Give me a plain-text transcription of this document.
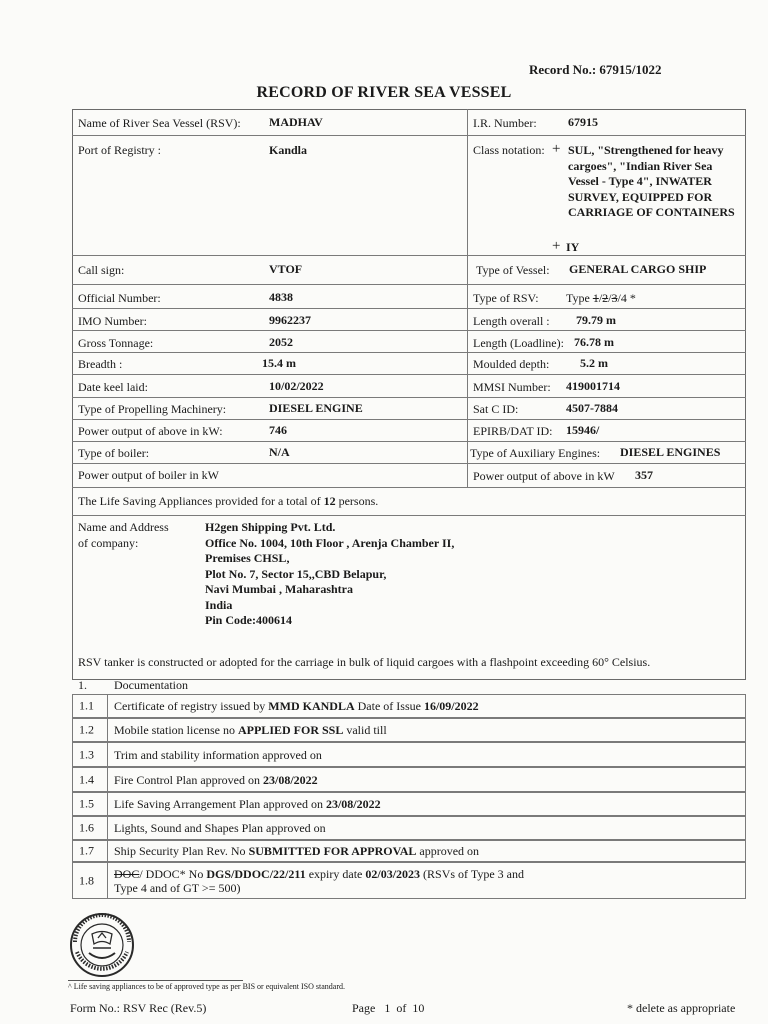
Record No.: 67915/1022
RECORD OF RIVER SEA VESSEL
Name of River Sea Vessel (RSV): MADHAV	I.R. Number:	67915
Port of Registry :	Kandla	Class notation: + SUL, "Strengthened for heavy cargoes", "Indian River Sea Vessel - Type 4", INWATER SURVEY, EQUIPPED FOR CARRIAGE OF CONTAINERS
+ IY
Call sign:	VTOF	Type of Vessel: GENERAL CARGO SHIP
Official Number:	4838	Type of RSV: Type 1/2/3/4 *
IMO Number:	9962237	Length overall : 79.79 m
Gross Tonnage:	2052	Length (Loadline): 76.78 m
Breadth :	15.4 m	Moulded depth:	5.2 m
Date keel laid:	10/02/2022	MMSI Number: 419001714
Type of Propelling Machinery:	DIESEL ENGINE	Sat C ID:	4507-7884
Power output of above in kW:	746	EPIRB/DAT ID: 15946/
Type of boiler:	N/A	Type of Auxiliary Engines: DIESEL ENGINES
Power output of boiler in kW	Power output of above in kW 357
The Life Saving Appliances provided for a total of 12 persons.
Name and Address
of company:
H2gen Shipping Pvt. Ltd.
Office No. 1004, 10th Floor , Arenja Chamber II,
Premises CHSL,
Plot No. 7, Sector 15,,CBD Belapur,
Navi Mumbai , Maharashtra
India
Pin Code:400614
RSV tanker is constructed or adopted for the carriage in bulk of liquid cargoes with a flashpoint exceeding 60° Celsius.
1. Documentation
1.1 Certificate of registry issued by MMD KANDLA Date of Issue 16/09/2022
1.2 Mobile station license no APPLIED FOR SSL valid till
1.3 Trim and stability information approved on
1.4 Fire Control Plan approved on 23/08/2022
1.5 Life Saving Arrangement Plan approved on 23/08/2022
1.6 Lights, Sound and Shapes Plan approved on
1.7 Ship Security Plan Rev. No SUBMITTED FOR APPROVAL approved on
1.8 DOC/ DDOC* No DGS/DDOC/22/211 expiry date 02/03/2023 (RSVs of Type 3 and
Type 4 and of GT >= 500)
^ Life saving appliances to be of approved type as per BIS or equivalent ISO standard.
Form No.: RSV Rec (Rev.5)	Page   1  of  10	* delete as appropriate
